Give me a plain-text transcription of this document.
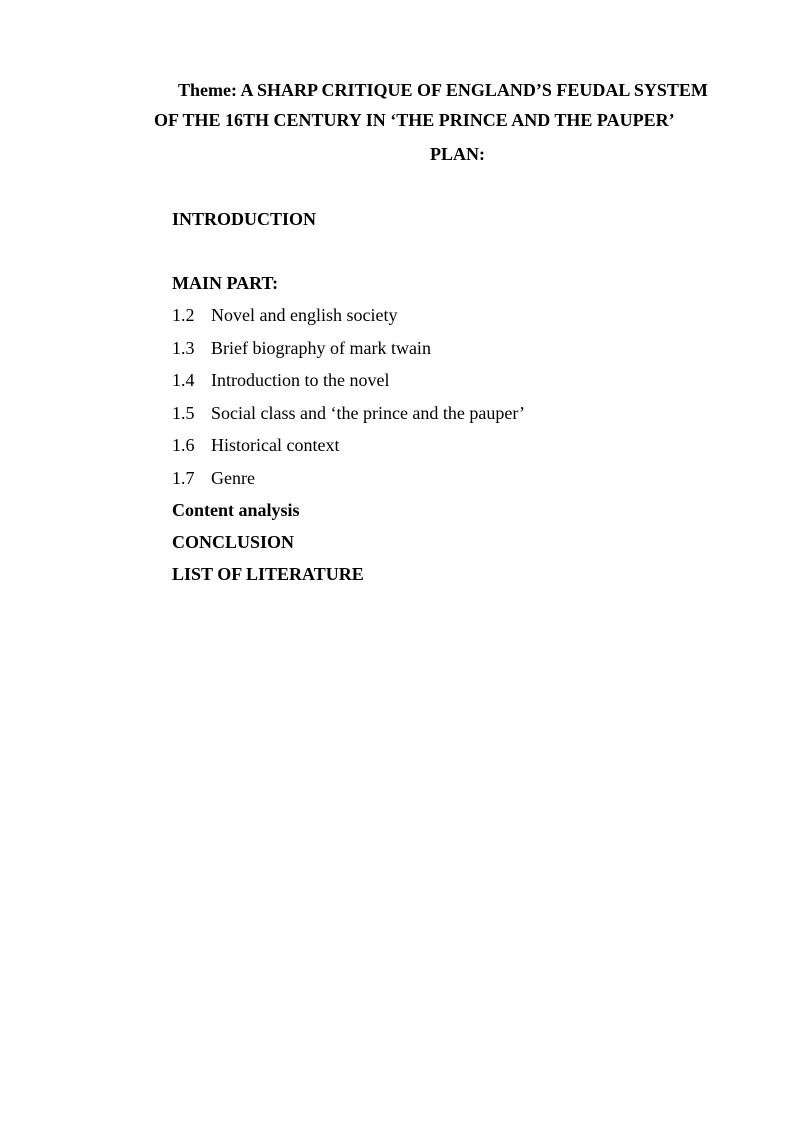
Theme: A SHARP CRITIQUE OF ENGLAND’S FEUDAL SYSTEM
OF THE 16TH CENTURY IN ‘THE PRINCE AND THE PAUPER’
PLAN:
INTRODUCTION
MAIN PART:
1.2 Novel and english society
1.3 Brief biography of mark twain
1.4 Introduction to the novel
1.5 Social class and ‘the prince and the pauper’
1.6 Historical context
1.7 Genre
Content analysis
CONCLUSION
LIST OF LITERATURE
